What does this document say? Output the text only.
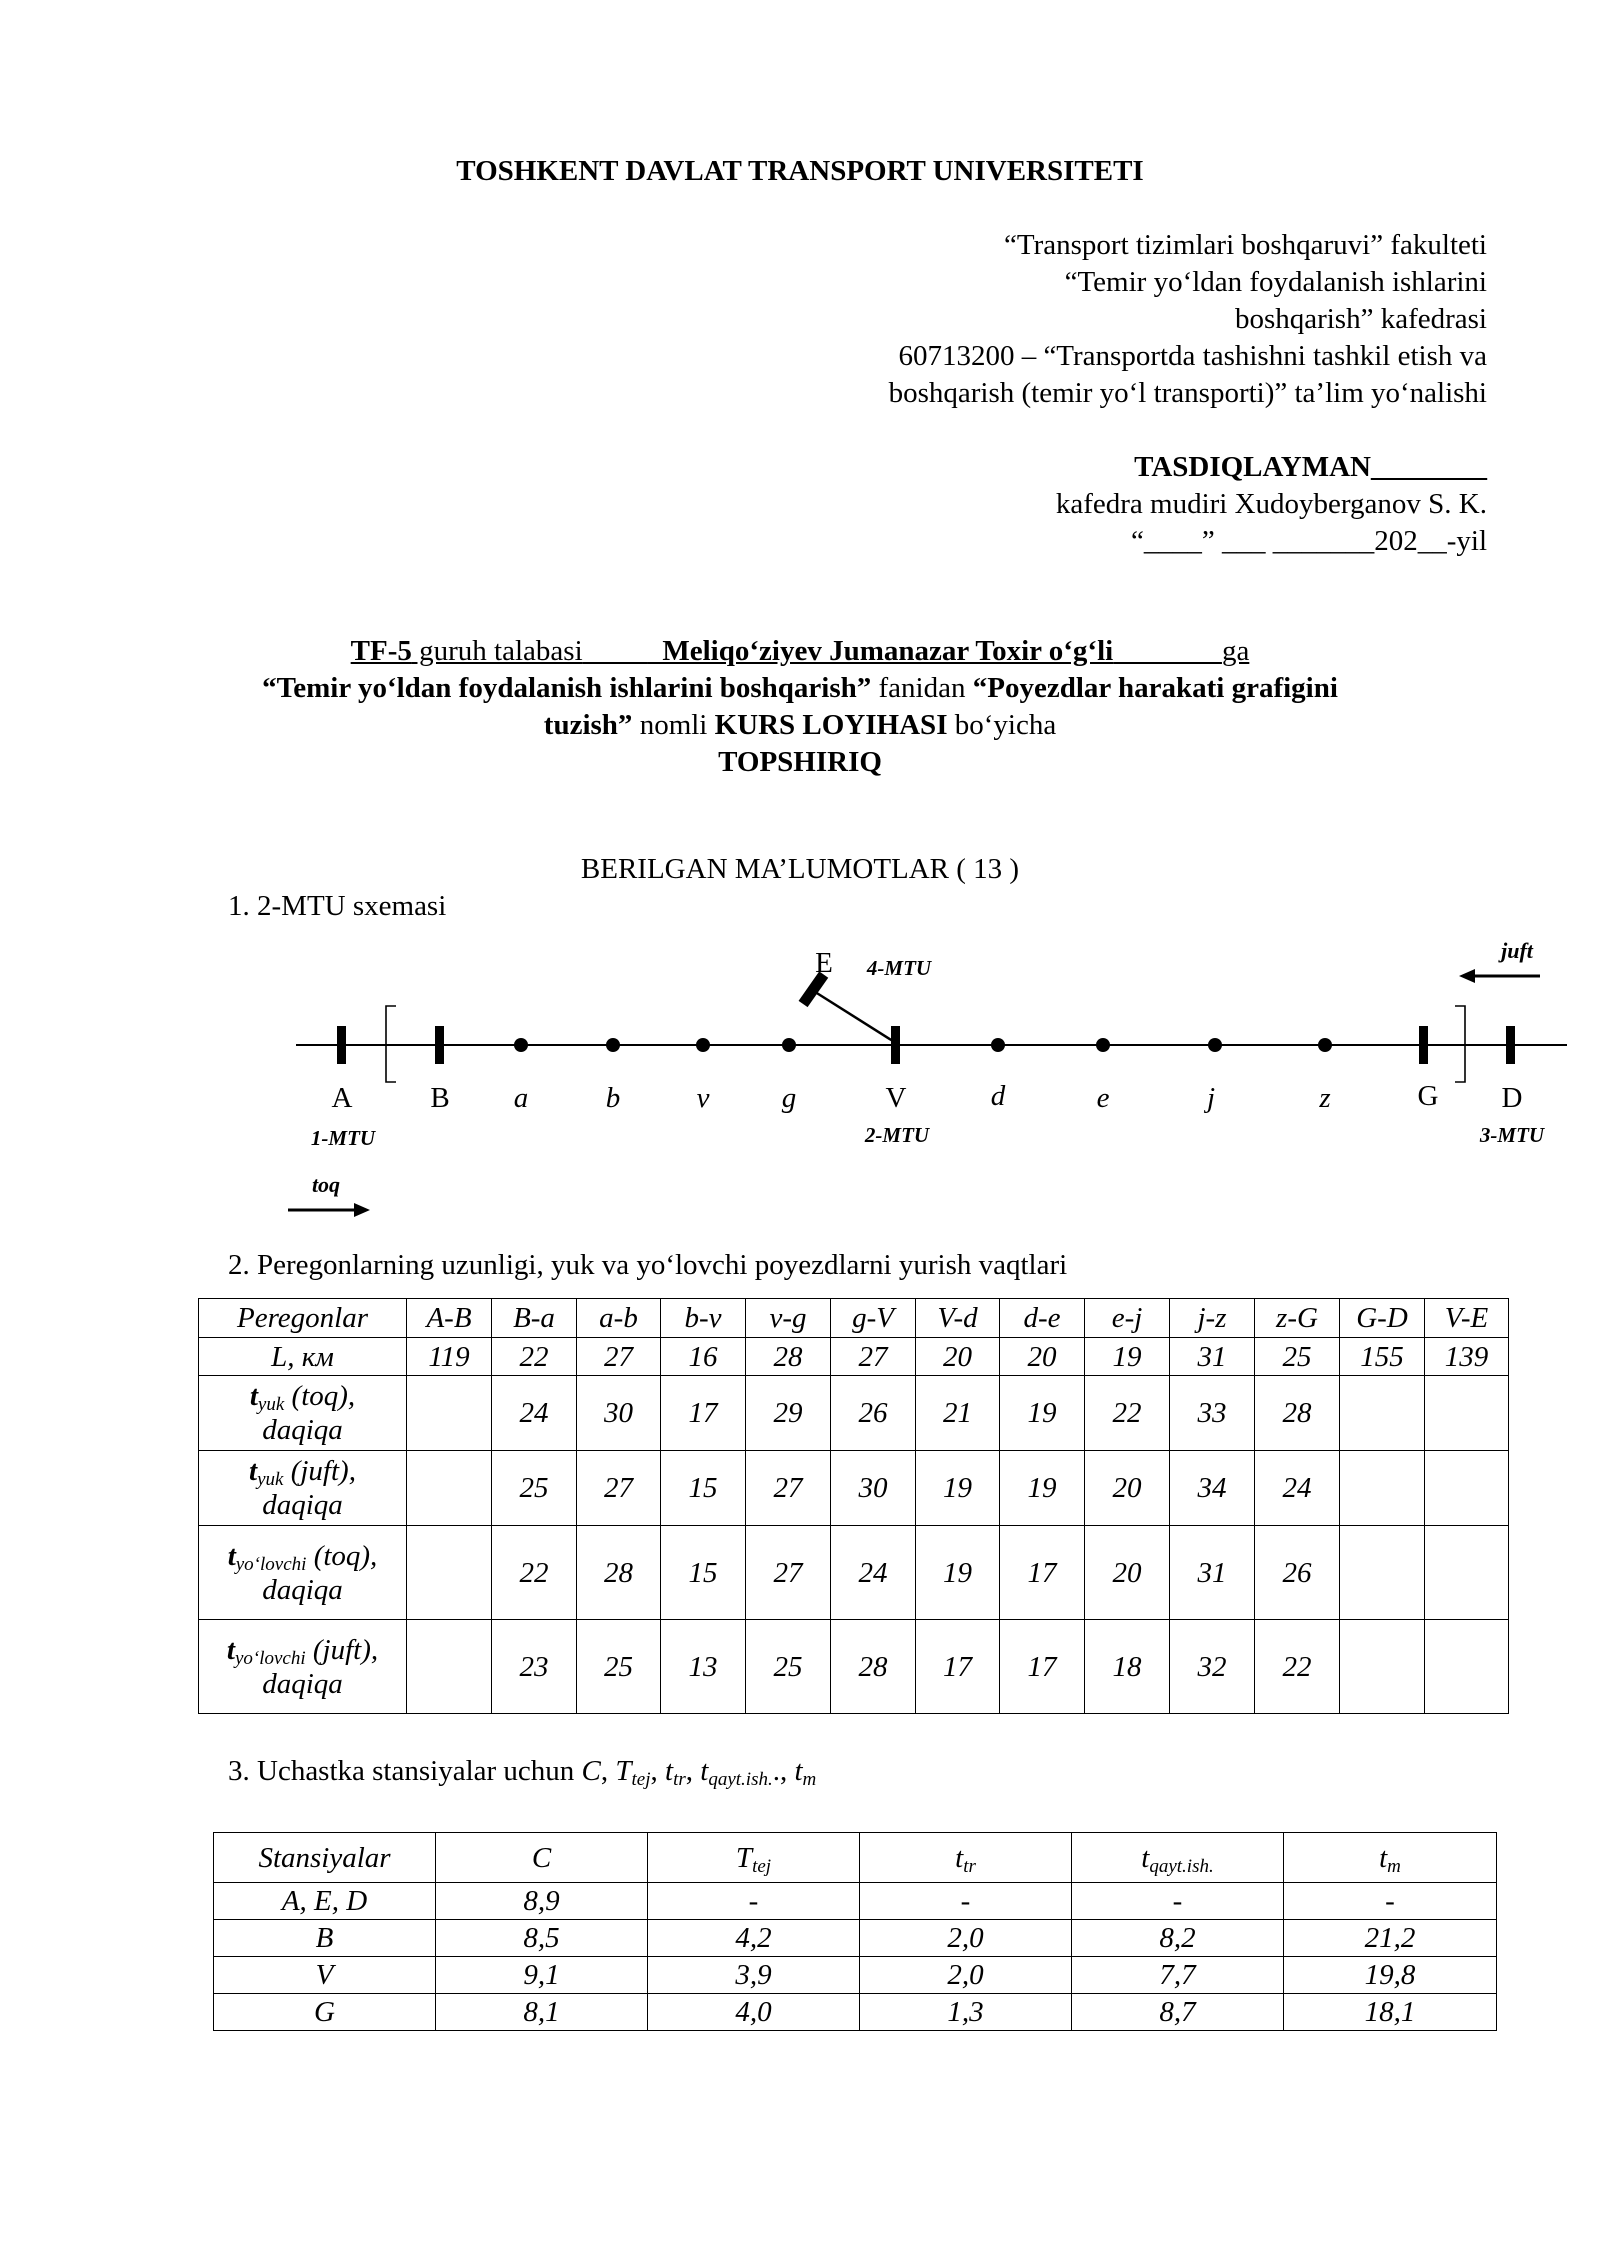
TOSHKENT DAVLAT TRANSPORT UNIVERSITETI
“Transport tizimlari boshqaruvi” fakulteti
“Temir yo‘ldan foydalanish ishlarini
boshqarish” kafedrasi
60713200 – “Transportda tashishni tashkil etish va
boshqarish (temir yo‘l transporti)” ta’lim yo‘nalishi
TASDIQLAYMAN________
kafedra mudiri Xudoyberganov S. K.
“____” ___ _______202__-yil
TF-5 guruh talabasi _Meliqo‘ziyev Jumanazar Toxir o‘g‘li	ga
“Temir yo‘ldan foydalanish ishlarini boshqarish” fanidan “Poyezdlar harakati grafigini
tuzish” nomli KURS LOYIHASI bo‘yicha
TOPSHIRIQ
BERILGAN MA’LUMOTLAR ( 13 )
1. 2-MTU sxemasi
A	B a	b	v g	V	d	e	j	z	G D
E
1-MTU	2-MTU	3-MTU
4-MTU
toq
juft
2. Peregonlarning uzunligi, yuk va yo‘lovchi poyezdlarni yurish vaqtlari
Peregonlar	A-B	B-a	a-b	b-v	v-g	g-V	V-d	d-e	e-j	j-z	z-G	G-D	V-E
L, км	119	22	27	16	28	27	20	20	19	31	25	155	139
$t_{yuk}$ (toq),
daqiqa		24	30	17	29	26	21	19	22	33	28		
$t_{yuk}$ (juft),
daqiqa		25	27	15	27	30	19	19	20	34	24		
$t_{yo‘lovchi}$ (toq),
daqiqa		22	28	15	27	24	19	17	20	31	26		
$t_{yo‘lovchi}$ (juft),
daqiqa		23	25	13	25	28	17	17	18	32	22		
3. Uchastka stansiyalar uchun C, $T_{tej}$, $t_{tr}$, $t_{qayt.ish.}$., $t_m$
Stansiyalar	C	$T_{tej}$	$t_{tr}$	$t_{qayt.ish.}$	$t_m$
A, E, D	8,9	-	-	-	-
B	8,5	4,2	2,0	8,2	21,2
V	9,1	3,9	2,0	7,7	19,8
G	8,1	4,0	1,3	8,7	18,1
